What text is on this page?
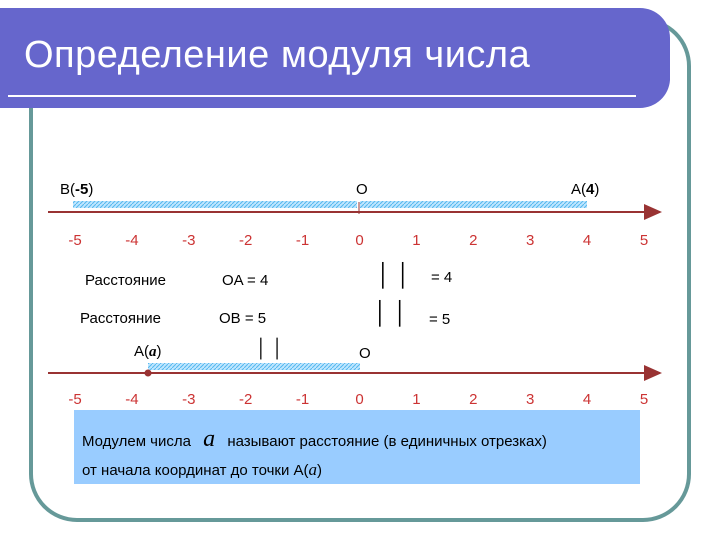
Определение модуля числа
B(-5)	O	A(4)
-5	-4	-3	-2	-1	0	1	2	3	4	5
Расстояние	OA = 4	│ │ = 4
Расстояние	OB = 5	│ │ = 5
A(a)	│ │	O
-5	-4	-3	-2	-1	0	1	2	3	4	5
Модулем числа a называют расстояние (в единичных отрезках)
от начала координат до точки A(a)
